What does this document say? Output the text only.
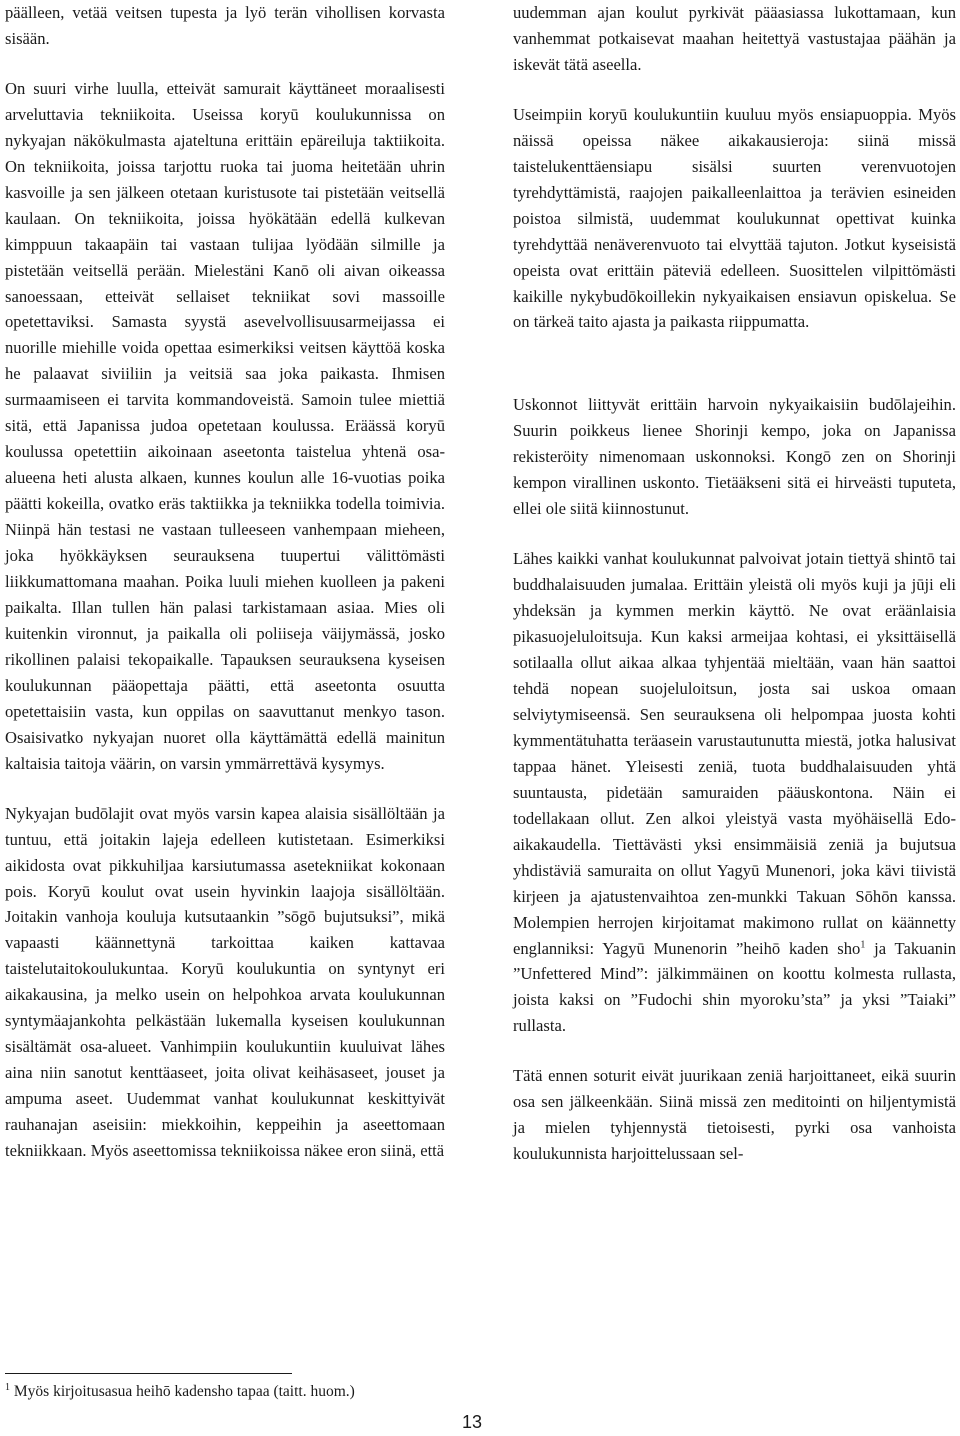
päälleen, vetää veitsen tupesta ja lyö terän vihollisen korvasta sisään.

On suuri virhe luulla, etteivät samurait käyttäneet moraalisesti arveluttavia tekniikoita. Useissa koryū koulukunnissa on nykyajan näkökulmasta ajateltuna erittäin epäreiluja taktiikoita. On tekniikoita, joissa tarjottu ruoka tai juoma heitetään uhrin kasvoille ja sen jälkeen otetaan kuristusote tai pistetään veitsellä kaulaan. On tekniikoita, joissa hyökätään edellä kulkevan kimppuun takaapäin tai vastaan tulijaa lyödään silmille ja pistetään veitsellä perään. Mielestäni Kanō oli aivan oikeassa sanoessaan, etteivät sellaiset tekniikat sovi massoille opetettaviksi. Samasta syystä asevelvollisuusarmeijassa ei nuorille miehille voida opettaa esimerkiksi veitsen käyttöä koska he palaavat siviiliin ja veitsiä saa joka paikasta. Ihmisen surmaamiseen ei tarvita kommandoveistä. Samoin tulee miettiä sitä, että Japanissa judoa opetetaan koulussa. Eräässä koryū koulussa opetettiin aikoinaan aseetonta taistelua yhtenä osa-alueena heti alusta alkaen, kunnes koulun alle 16-vuotias poika päätti kokeilla, ovatko eräs taktiikka ja tekniikka todella toimivia. Niinpä hän testasi ne vastaan tulleeseen vanhempaan mieheen, joka hyökkäyksen seurauksena tuupertui välittömästi liikkumattomana maahan. Poika luuli miehen kuolleen ja pakeni paikalta. Illan tullen hän palasi tarkistamaan asiaa. Mies oli kuitenkin vironnut, ja paikalla oli poliiseja väijymässä, josko rikollinen palaisi tekopaikalle. Tapauksen seurauksena kyseisen koulukunnan pääopettaja päätti, että aseetonta osuutta opetettaisiin vasta, kun oppilas on saavuttanut menkyo tason. Osaisivatko nykyajan nuoret olla käyttämättä edellä mainitun kaltaisia taitoja väärin, on varsin ymmärrettävä kysymys.

Nykyajan budōlajit ovat myös varsin kapea alaisia sisällöltään ja tuntuu, että joitakin lajeja edelleen kutistetaan. Esimerkiksi aikidosta ovat pikkuhiljaa karsiutumassa asetekniikat kokonaan pois. Koryū koulut ovat usein hyvinkin laajoja sisällöltään. Joitakin vanhoja kouluja kutsutaankin ”sōgō bujutsuksi”, mikä vapaasti käännettynä tarkoittaa kaiken kattavaa taistelutaitokoulukuntaa. Koryū koulukuntia on syntynyt eri aikakausina, ja melko usein on helpohkoa arvata koulukunnan syntymäajankohta pelkästään lukemalla kyseisen koulukunnan sisältämät osa-alueet. Vanhimpiin koulukuntiin kuuluivat lähes aina niin sanotut kenttäaseet, joita olivat keihäsaseet, jouset ja ampuma aseet. Uudemmat vanhat koulukunnat keskittyivät rauhanajan aseisiin: miekkoihin, keppeihin ja aseettomaan tekniikkaan. Myös aseettomissa tekniikoissa näkee eron siinä, että

uudemman ajan koulut pyrkivät pääasiassa lukottamaan, kun vanhemmat potkaisevat maahan heitettyä vastustajaa päähän ja iskevät tätä aseella.

Useimpiin koryū koulukuntiin kuuluu myös ensiapuoppia. Myös näissä opeissa näkee aikakausieroja: siinä missä taistelukenttäensiapu sisälsi suurten verenvuotojen tyrehdyttämistä, raajojen paikalleenlaittoa ja terävien esineiden poistoa silmistä, uudemmat koulukunnat opettivat kuinka tyrehdyttää nenäverenvuoto tai elvyttää tajuton. Jotkut kyseisistä opeista ovat erittäin päteviä edelleen. Suosittelen vilpittömästi kaikille nykybudōkoillekin nykyaikaisen ensiavun opiskelua. Se on tärkeä taito ajasta ja paikasta riippumatta.

Uskonnot liittyvät erittäin harvoin nykyaikaisiin budōlajeihin. Suurin poikkeus lienee Shorinji kempo, joka on Japanissa rekisteröity nimenomaan uskonnoksi. Kongō zen on Shorinji kempon virallinen uskonto. Tietääkseni sitä ei hirveästi tuputeta, ellei ole siitä kiinnostunut.

Lähes kaikki vanhat koulukunnat palvoivat jotain tiettyä shintō tai buddhalaisuuden jumalaa. Erittäin yleistä oli myös kuji ja jūji eli yhdeksän ja kymmen merkin käyttö. Ne ovat eräänlaisia pikasuojeluloitsuja. Kun kaksi armeijaa kohtasi, ei yksittäisellä sotilaalla ollut aikaa alkaa tyhjentää mieltään, vaan hän saattoi tehdä nopean suojeluloitsun, josta sai uskoa omaan selviytymiseensä. Sen seurauksena oli helpompaa juosta kohti kymmentätuhatta teräasein varustautunutta miestä, jotka halusivat tappaa hänet. Yleisesti zeniä, tuota buddhalaisuuden yhtä suuntausta, pidetään samuraiden pääuskontona. Näin ei todellakaan ollut. Zen alkoi yleistyä vasta myöhäisellä Edo-aikakaudella. Tiettävästi yksi ensimmäisiä zeniä ja bujutsua yhdistäviä samuraita on ollut Yagyū Munenori, joka kävi tiivistä kirjeen ja ajatustenvaihtoa zen-munkki Takuan Sōhōn kanssa. Molempien herrojen kirjoitamat makimono rullat on käännetty englanniksi: Yagyū Munenorin ”heihō kaden sho$^1$ ja Takuanin ”Unfettered Mind”: jälkimmäinen on koottu kolmesta rullasta, joista kaksi on ”Fudochi shin myoroku’sta” ja yksi ”Taiaki” rullasta.

Tätä ennen soturit eivät juurikaan zeniä harjoittaneet, eikä suurin osa sen jälkeenkään. Siinä missä zen meditointi on hiljentymistä ja mielen tyhjennystä tietoisesti, pyrki osa vanhoista koulukunnista harjoittelussaan sel-

$^1$ Myös kirjoitusasua heihō kadensho tapaa (taitt. huom.)
13
